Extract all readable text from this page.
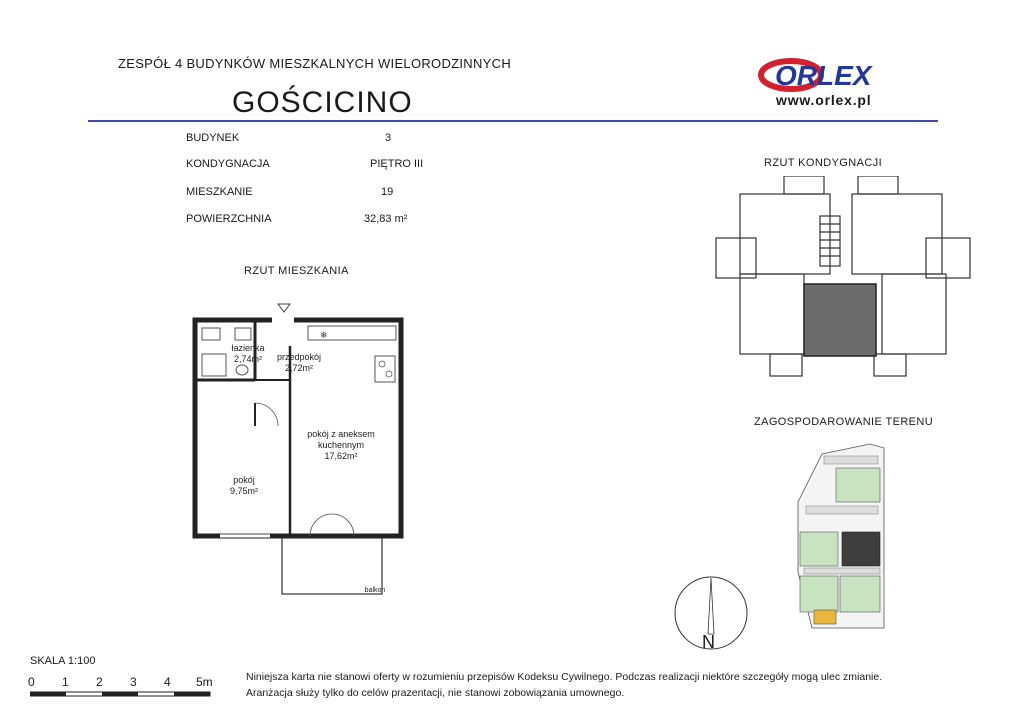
ZESPÓŁ 4 BUDYNKÓW MIESZKALNYCH WIELORODZINNYCH
GOŚCICINO
ORLEX
www.orlex.pl
BUDYNEK	3
KONDYGNACJA	PIĘTRO III
MIESZKANIE	19
POWIERZCHNIA	32,83 m²
RZUT MIESZKANIA
RZUT KONDYGNACJI
ZAGOSPODAROWANIE TERENU
❄
łazienka
2,74m²	przedpokój
2,72m²
pokój z aneksem
kuchennym
17,62m²
pokój
9,75m²
balkon
N
SKALA 1:100
0 1 2 3 4 5m	Niniejsza karta nie stanowi oferty w rozumieniu przepisów Kodeksu Cywilnego. Podczas realizacji niektóre szczegóły mogą ulec zmianie.
Aranżacja służy tylko do celów prazentacji, nie stanowi zobowiązania umownego.
